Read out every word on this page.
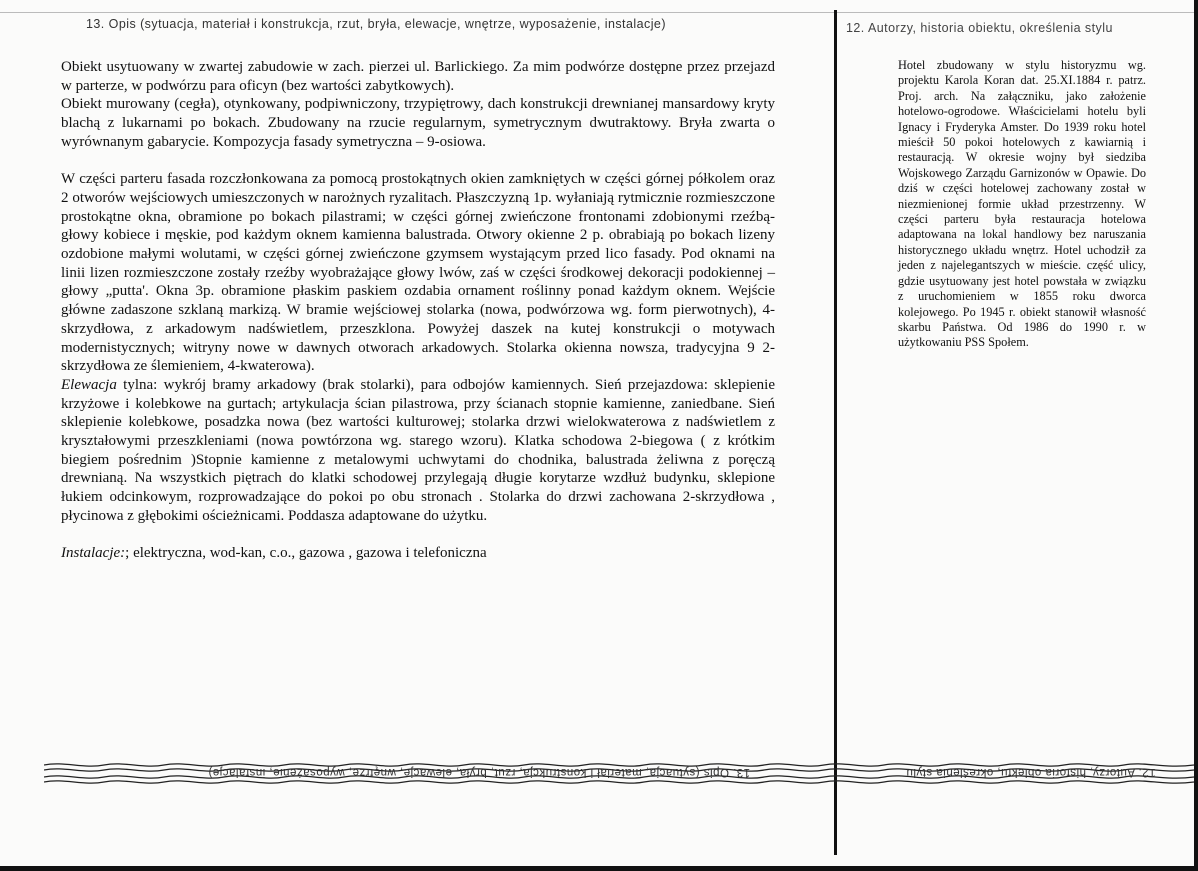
13. Opis (sytuacja, materiał i konstrukcja, rzut, bryła, elewacje, wnętrze, wyposażenie, instalacje)	12. Autorzy, historia obiektu, określenia stylu

Obiekt usytuowany w zwartej zabudowie w zach. pierzei ul. Barlickiego. Za mim podwórze dostępne przez przejazd w parterze, w podwórzu para oficyn (bez wartości zabytkowych).

Obiekt murowany (cegła), otynkowany, podpiwniczony, trzypiętrowy, dach konstrukcji drewnianej mansardowy kryty blachą z lukarnami po bokach. Zbudowany na rzucie regularnym, symetrycznym dwutraktowy. Bryła zwarta o wyrównanym gabarycie. Kompozycja fasady symetryczna – 9-osiowa.

W części parteru fasada rozczłonkowana za pomocą prostokątnych okien zamkniętych w części górnej półkolem oraz 2 otworów wejściowych umieszczonych w narożnych ryzalitach. Płaszczyzną 1p. wyłaniają rytmicznie rozmieszczone prostokątne okna, obramione po bokach pilastrami; w części górnej zwieńczone frontonami zdobionymi rzeźbą- głowy kobiece i męskie, pod każdym oknem kamienna balustrada. Otwory okienne 2 p. obrabiają po bokach lizeny ozdobione małymi wolutami, w części górnej zwieńczone gzymsem wystającym przed lico fasady. Pod oknami na linii lizen rozmieszczone zostały rzeźby wyobrażające głowy lwów, zaś w części środkowej dekoracji podokiennej – głowy „putta'. Okna 3p. obramione płaskim paskiem ozdabia ornament roślinny ponad każdym oknem. Wejście główne zadaszone szklaną markizą. W bramie wejściowej stolarka (nowa, podwórzowa wg. form pierwotnych), 4-skrzydłowa, z arkadowym nadświetlem, przeszklona. Powyżej daszek na kutej konstrukcji o motywach modernistycznych; witryny nowe w dawnych otworach arkadowych. Stolarka okienna nowsza, tradycyjna 9 2-skrzydłowa ze ślemieniem, 4-kwaterowa).

Elewacja tylna: wykrój bramy arkadowy (brak stolarki), para odbojów kamiennych. Sień przejazdowa: sklepienie krzyżowe i kolebkowe na gurtach; artykulacja ścian pilastrowa, przy ścianach stopnie kamienne, zaniedbane. Sień sklepienie kolebkowe, posadzka nowa (bez wartości kulturowej; stolarka drzwi wielokwaterowa z nadświetlem z kryształowymi przeszkleniami (nowa powtórzona wg. starego wzoru). Klatka schodowa 2-biegowa ( z krótkim biegiem pośrednim )Stopnie kamienne z metalowymi uchwytami do chodnika, balustrada żeliwna z poręczą drewnianą. Na wszystkich piętrach do klatki schodowej przylegają długie korytarze wzdłuż budynku, sklepione łukiem odcinkowym, rozprowadzające do pokoi po obu stronach . Stolarka do drzwi zachowana 2-skrzydłowa , płycinowa z głębokimi ościeżnicami. Poddasza adaptowane do użytku.

Instalacje:; elektryczna, wod-kan, c.o., gazowa , gazowa i telefoniczna

Hotel zbudowany w stylu historyzmu wg. projektu Karola Koran dat. 25.XI.1884 r. patrz. Proj. arch. Na załączniku, jako założenie hotelowo-ogrodowe. Właścicielami hotelu byli Ignacy i Fryderyka Amster. Do 1939 roku hotel mieścił 50 pokoi hotelowych z kawiarnią i restauracją. W okresie wojny był siedziba Wojskowego Zarządu Garnizonów w Opawie. Do dziś w części hotelowej zachowany został w niezmienionej formie układ przestrzenny. W części parteru była restauracja hotelowa adaptowana na lokal handlowy bez naruszania historycznego układu wnętrz. Hotel uchodził za jeden z najelegantszych w mieście. część ulicy, gdzie usytuowany jest hotel powstała w związku z uruchomieniem w 1855 roku dworca kolejowego. Po 1945 r. obiekt stanowił własność skarbu Państwa. Od 1986 do 1990 r. w użytkowaniu PSS Społem.

13. Opis (sytuacja, materiał i konstrukcja, rzut, bryła, elewacje, wnętrze, wyposażenie, instalacje)	12. Autorzy, historia obiektu, określenia stylu
